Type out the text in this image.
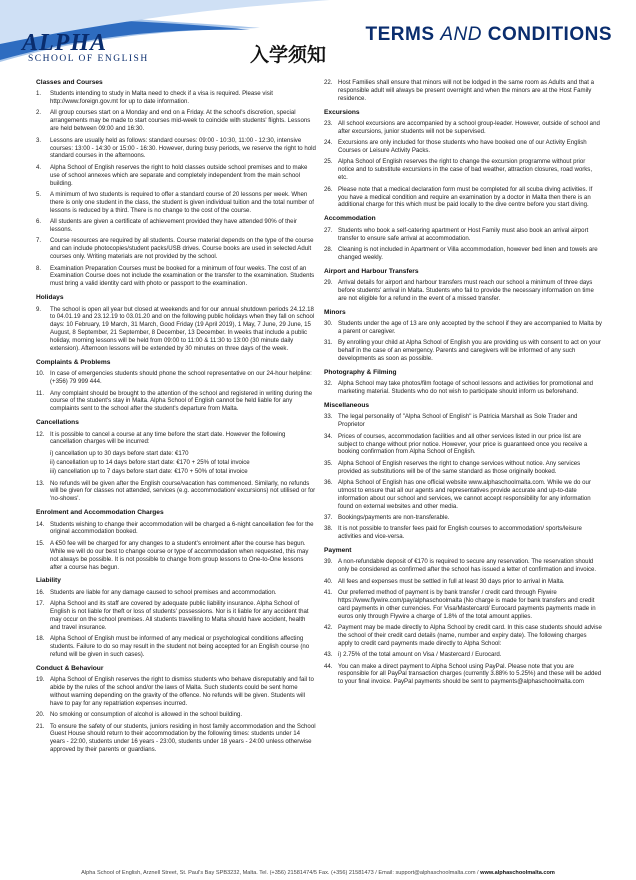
ALPHA
SCHOOL OF ENGLISH	入学须知
TERMS AND CONDITIONS
Classes and Courses
1.	Students intending to study in Malta need to check if a visa is required. Please visit http://www.foreign.gov.mt for up to date information.
2.	All group courses start on a Monday and end on a Friday. At the school's discretion, special arrangements may be made to start courses mid-week to coincide with students' flights. Lessons are held between 09:00 and 16:30.
3.	Lessons are usually held as follows: standard courses: 09:00 - 10:30, 11:00 - 12:30, intensive courses: 13:00 - 14:30 or 15:00 - 16:30. However, during busy periods, we reserve the right to hold standard courses in the afternoons.
4.	Alpha School of English reserves the right to hold classes outside school premises and to make use of school annexes which are separate and completely independent from the main school building.
5.	A minimum of two students is required to offer a standard course of 20 lessons per week. When there is only one student in the class, the student is given individual tuition and the total number of lessons is reduced by a third. There is no change to the cost of the course.
6.	All students are given a certificate of achievement provided they have attended 90% of their lessons.
7.	Course resources are required by all students. Course material depends on the type of the course and can include photocopies/student packs/USB drives. Course books are used in selected Adult courses only. Writing materials are not provided by the school.
8.	Examination Preparation Courses must be booked for a minimum of four weeks. The cost of an Examination Course does not include the examination or the transfer to the examination. Students must bring a valid identity card with photo or passport to the examination.
Holidays
9.	The school is open all year but closed at weekends and for our annual shutdown periods 24.12.18 to 04.01.19 and 23.12.19 to 03.01.20 and on the following public holidays when they fall on school days: 10 February, 19 March, 31 March, Good Friday (19 April 2019), 1 May, 7 June, 29 June, 15 August, 8 September, 21 September, 8 December, 13 December. In weeks that include a public holiday, morning lessons will be held from 09:00 to 11:00 & 11:30 to 13:00 (30 minute daily extension). Afternoon lessons will be extended by 30 minutes on three days of the week.
Complaints & Problems
10. In case of emergencies students should phone the school representative on our 24-hour helpline: (+356) 79 999 444.
11. Any complaint should be brought to the attention of the school and registered in writing during the course of the student's stay in Malta. Alpha School of English cannot be held liable for any complaints sent to the school after the student's departure from Malta.
Cancellations
12. It is possible to cancel a course at any time before the start date. However the following cancellation charges will be incurred:
i) cancellation up to 30 days before start date: €170
ii) cancellation up to 14 days before start date: €170 + 25% of total invoice
iii) cancellation up to 7 days before start date: €170 + 50% of total invoice
13. No refunds will be given after the English course/vacation has commenced. Similarly, no refunds will be given for classes not attended, services (e.g. accommodation/ excursions) not utilised or for 'no-shows'.
Enrolment and Accommodation Charges
14. Students wishing to change their accommodation will be charged a 6-night cancellation fee for the original accommodation booked.
15. A €50 fee will be charged for any changes to a student's enrolment after the course has begun. While we will do our best to change course or type of accommodation when requested, this may not always be possible. It is not possible to change from group lessons to One-to-One lessons after a course has begun.
Liability
16. Students are liable for any damage caused to school premises and accommodation.
17. Alpha School and its staff are covered by adequate public liability insurance. Alpha School of English is not liable for theft or loss of students' possessions. Nor is it liable for any accident that may occur on the school premises. All students travelling to Malta should have accident, health and travel insurance.
18. Alpha School of English must be informed of any medical or psychological conditions affecting students. Failure to do so may result in the student not being accepted for an English course (no refund will be given in such cases).
Conduct & Behaviour
19. Alpha School of English reserves the right to dismiss students who behave disreputably and fail to abide by the rules of the school and/or the laws of Malta. Such students could be sent home without warning depending on the gravity of the offence. No refunds will be given. Students will have to pay for any repatriation expenses incurred.
20. No smoking or consumption of alcohol is allowed in the school building.
21. To ensure the safety of our students, juniors residing in host family accommodation and the School Guest House should return to their accommodation by the following times: students under 14 years - 22:00, students under 16 years - 23:00, students under 18 years - 24:00 unless otherwise approved by their parents or guardians.
22. Host Families shall ensure that minors will not be lodged in the same room as Adults and that a responsible adult will always be present overnight and when the minors are at the Host Family residence.
Excursions
23. All school excursions are accompanied by a school group-leader. However, outside of school and after excursions, junior students will not be supervised.
24. Excursions are only included for those students who have booked one of our Activity English Courses or Leisure Activity Packs.
25. Alpha School of English reserves the right to change the excursion programme without prior notice and to substitute excursions in the case of bad weather, attraction closures, road works, etc.
26. Please note that a medical declaration form must be completed for all scuba diving activities. If you have a medical condition and require an examination by a doctor in Malta then there is an additional charge for this which must be paid locally to the dive centre before you start diving.
Accommodation
27. Students who book a self-catering apartment or Host Family must also book an arrival airport transfer to ensure safe arrival at accommodation.
28. Cleaning is not included in Apartment or Villa accommodation, however bed linen and towels are changed weekly.
Airport and Harbour Transfers
29. Arrival details for airport and harbour transfers must reach our school a minimum of three days before students' arrival in Malta. Students who fail to provide the necessary information on time are not eligible for a refund in the event of a missed transfer.
Minors
30. Students under the age of 13 are only accepted by the school if they are accompanied to Malta by a parent or caregiver.
31. By enrolling your child at Alpha School of English you are providing us with consent to act on your behalf in the case of an emergency. Parents and caregivers will be informed of any such developments as soon as possible.
Photography & Filming
32. Alpha School may take photos/film footage of school lessons and activities for promotional and marketing material. Students who do not wish to participate should inform us beforehand.
Miscellaneous
33. The legal personality of "Alpha School of English" is Patricia Marshall as Sole Trader and Proprietor
34. Prices of courses, accommodation facilities and all other services listed in our price list are subject to change without prior notice. However, your price is guaranteed once you receive a booking confirmation from Alpha School of English.
35. Alpha School of English reserves the right to change services without notice. Any services provided as substitutions will be of the same standard as those originally booked.
36. Alpha School of English has one official website www.alphaschoolmalta.com. While we do our utmost to ensure that all our agents and representatives provide accurate and up-to-date information about our school and services, we cannot accept responsibility for any information found on external websites and other media.
37. Bookings/payments are non-transferable.
38. It is not possible to transfer fees paid for English courses to accommodation/ sports/leisure activities and vice-versa.
Payment
39. A non-refundable deposit of €170 is required to secure any reservation. The reservation should only be considered as confirmed after the school has issued a letter of confirmation and invoice.
40. All fees and expenses must be settled in full at least 30 days prior to arrival in Malta.
41. Our preferred method of payment is by bank transfer / credit card through Flywire https://www.flywire.com/pay/alphaschoolmalta (No charge is made for bank transfers and credit card payments in other currencies. For Visa/Mastercard/ Eurocard payments payments made in euros only through Flywire a charge of 1.8% of the total amount applies.
42. Payment may be made directly to Alpha School by credit card. In this case students should advise the school of their credit card details (name, number and expiry date). The following charges apply to credit card payments made directly to Alpha School:
43. i) 2.75% of the total amount on Visa / Mastercard / Eurocard.
44. You can make a direct payment to Alpha School using PayPal. Please note that you are responsible for all PayPal transaction charges (currently 3.88% to 5.25%) and these will be added to your final invoice. PayPal payments should be sent to payments@alphaschoolmalta.com
Alpha School of English, Arznell Street, St. Paul's Bay SPB3232, Malta. Tel. (+356) 21581474/5 Fax. (+356) 21581473 / Email: support@alphaschoolmalta.com / www.alphaschoolmalta.com
